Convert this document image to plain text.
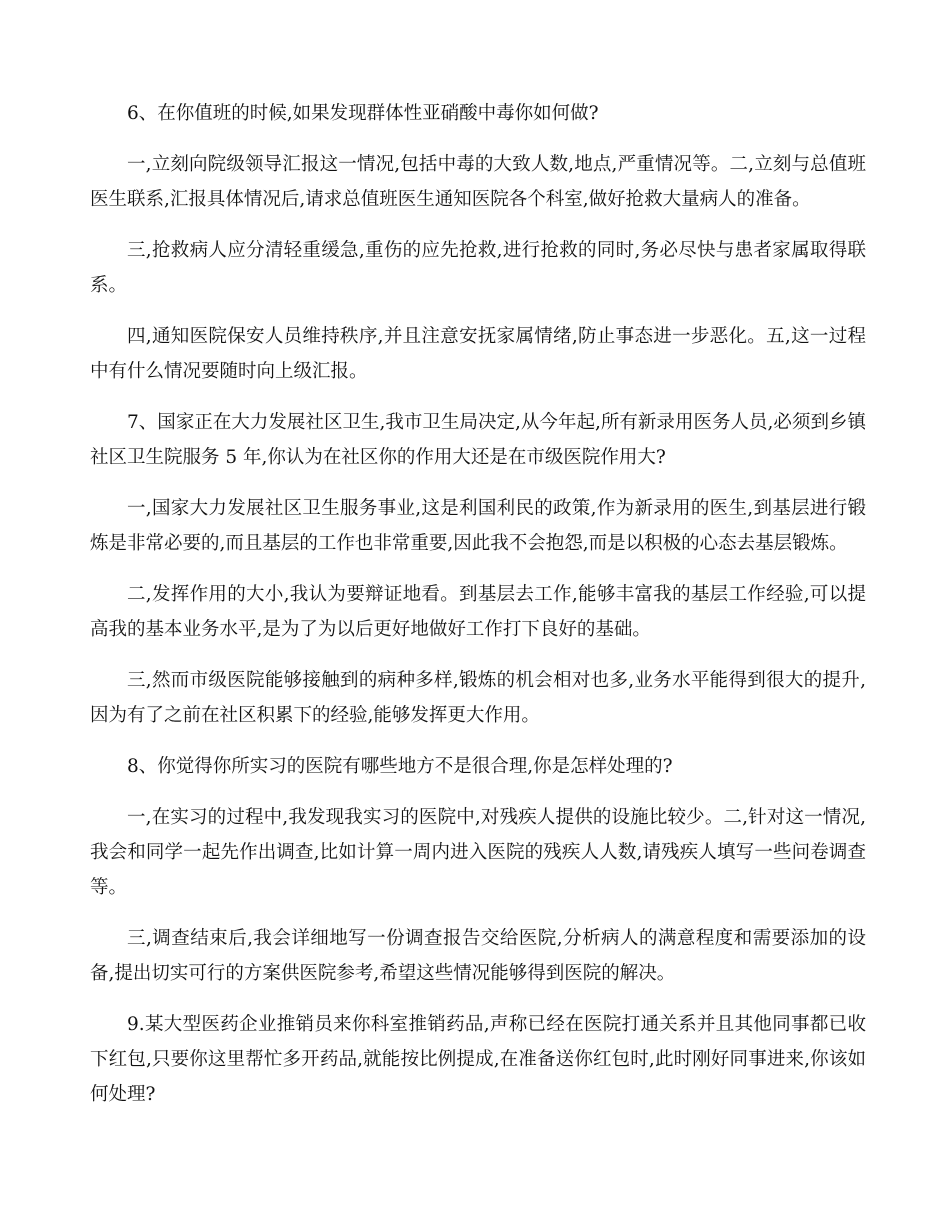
6、在你值班的时候,如果发现群体性亚硝酸中毒你如何做?

一,立刻向院级领导汇报这一情况,包括中毒的大致人数,地点,严重情况等。二,立刻与总值班医生联系,汇报具体情况后,请求总值班医生通知医院各个科室,做好抢救大量病人的准备。

三,抢救病人应分清轻重缓急,重伤的应先抢救,进行抢救的同时,务必尽快与患者家属取得联系。

四,通知医院保安人员维持秩序,并且注意安抚家属情绪,防止事态进一步恶化。五,这一过程中有什么情况要随时向上级汇报。

7、国家正在大力发展社区卫生,我市卫生局决定,从今年起,所有新录用医务人员,必须到乡镇社区卫生院服务 5 年,你认为在社区你的作用大还是在市级医院作用大?

一,国家大力发展社区卫生服务事业,这是利国利民的政策,作为新录用的医生,到基层进行锻炼是非常必要的,而且基层的工作也非常重要,因此我不会抱怨,而是以积极的心态去基层锻炼。

二,发挥作用的大小,我认为要辩证地看。到基层去工作,能够丰富我的基层工作经验,可以提高我的基本业务水平,是为了为以后更好地做好工作打下良好的基础。

三,然而市级医院能够接触到的病种多样,锻炼的机会相对也多,业务水平能得到很大的提升,因为有了之前在社区积累下的经验,能够发挥更大作用。

8、你觉得你所实习的医院有哪些地方不是很合理,你是怎样处理的?

一,在实习的过程中,我发现我实习的医院中,对残疾人提供的设施比较少。二,针对这一情况,我会和同学一起先作出调查,比如计算一周内进入医院的残疾人人数,请残疾人填写一些问卷调查等。

三,调查结束后,我会详细地写一份调查报告交给医院,分析病人的满意程度和需要添加的设备,提出切实可行的方案供医院参考,希望这些情况能够得到医院的解决。

9.某大型医药企业推销员来你科室推销药品,声称已经在医院打通关系并且其他同事都已收下红包,只要你这里帮忙多开药品,就能按比例提成,在准备送你红包时,此时刚好同事进来,你该如何处理?
